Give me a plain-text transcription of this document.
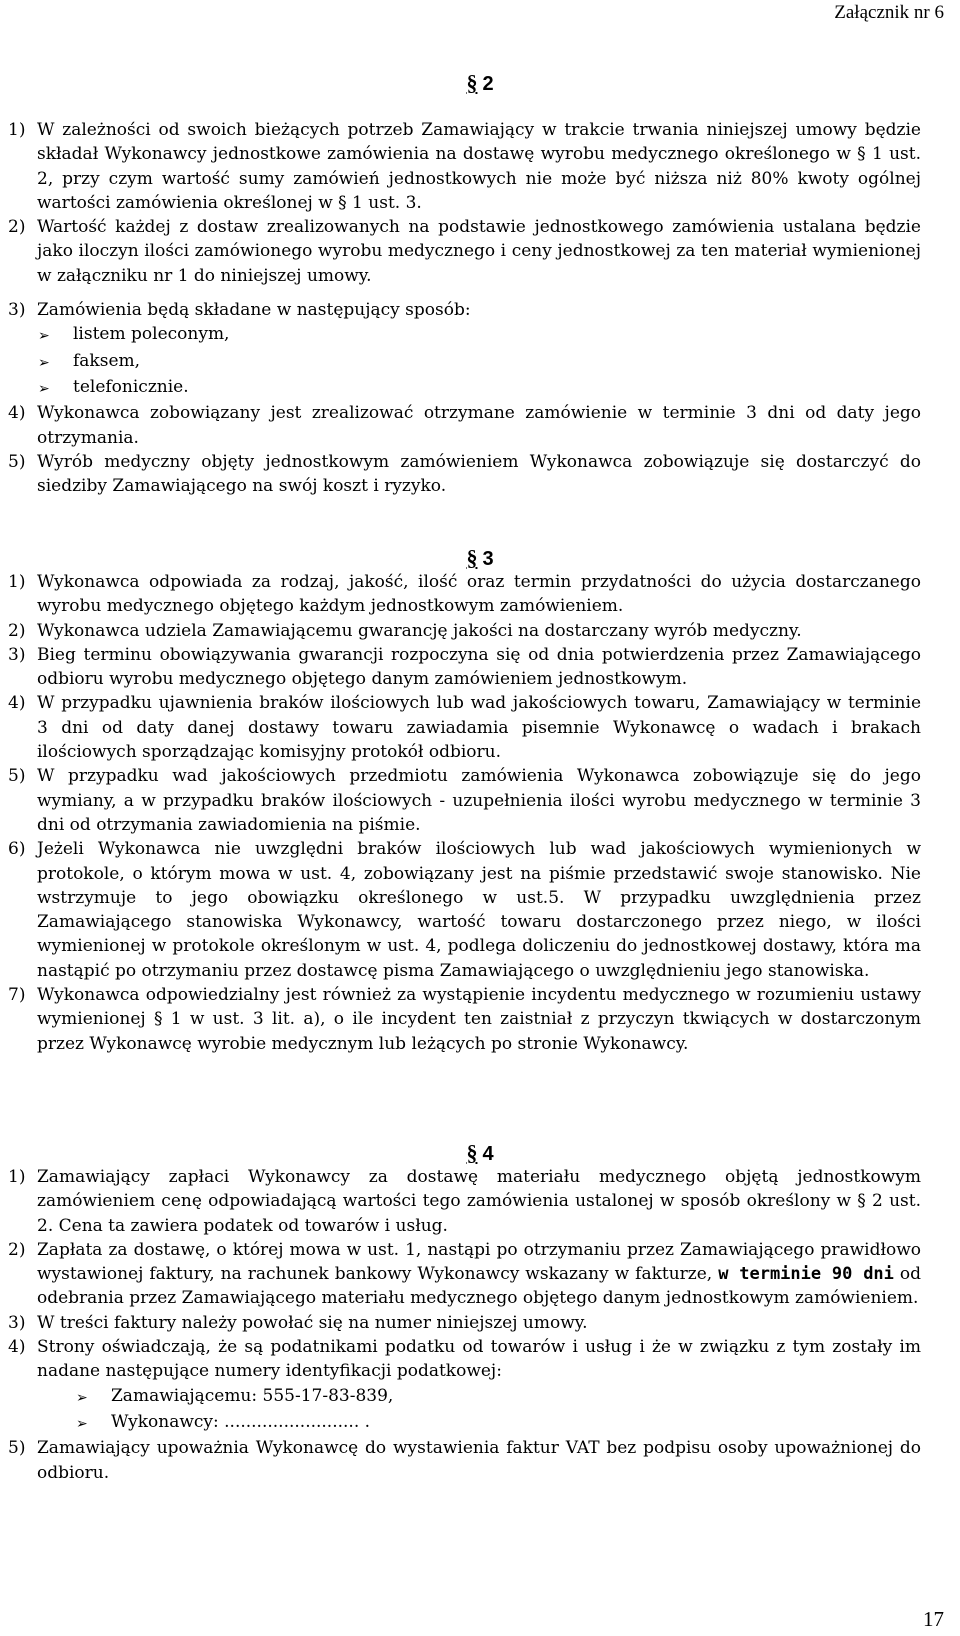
Załącznik nr 6
§ 2
1) W zależności od swoich bieżących potrzeb Zamawiający w trakcie trwania niniejszej umowy będzie składał Wykonawcy jednostkowe zamówienia na dostawę wyrobu medycznego określonego w § 1 ust. 2, przy czym wartość sumy zamówień jednostkowych nie może być niższa niż 80% kwoty ogólnej wartości zamówienia określonej w § 1 ust. 3.
2) Wartość każdej z dostaw zrealizowanych na podstawie jednostkowego zamówienia ustalana będzie jako iloczyn ilości zamówionego wyrobu medycznego i ceny jednostkowej za ten materiał wymienionej w załączniku nr 1 do niniejszej umowy.
3) Zamówienia będą składane w następujący sposób:
➢	listem poleconym,
➢	faksem,
➢	telefonicznie.
4) Wykonawca zobowiązany jest zrealizować otrzymane zamówienie w terminie 3 dni od daty jego otrzymania.
5) Wyrób medyczny objęty jednostkowym zamówieniem Wykonawca zobowiązuje się dostarczyć do siedziby Zamawiającego na swój koszt i ryzyko.
§ 3
1) Wykonawca odpowiada za rodzaj, jakość, ilość oraz termin przydatności do użycia dostarczanego wyrobu medycznego objętego każdym jednostkowym zamówieniem.
2) Wykonawca udziela Zamawiającemu gwarancję jakości na dostarczany wyrób medyczny.
3) Bieg terminu obowiązywania gwarancji rozpoczyna się od dnia potwierdzenia przez Zamawiającego odbioru wyrobu medycznego objętego danym zamówieniem jednostkowym.
4) W przypadku ujawnienia braków ilościowych lub wad jakościowych towaru, Zamawiający w terminie 3 dni od daty danej dostawy towaru zawiadamia pisemnie Wykonawcę o wadach i brakach ilościowych sporządzając komisyjny protokół odbioru.
5) W przypadku wad jakościowych przedmiotu zamówienia Wykonawca zobowiązuje się do jego wymiany, a w przypadku braków ilościowych - uzupełnienia ilości wyrobu medycznego w terminie 3 dni od otrzymania zawiadomienia na piśmie.
6) Jeżeli Wykonawca nie uwzględni braków ilościowych lub wad jakościowych wymienionych w protokole, o którym mowa w ust. 4, zobowiązany jest na piśmie przedstawić swoje stanowisko. Nie wstrzymuje to jego obowiązku określonego w ust.5. W przypadku uwzględnienia przez Zamawiającego stanowiska Wykonawcy, wartość towaru dostarczonego przez niego, w ilości wymienionej w protokole określonym w ust. 4, podlega doliczeniu do jednostkowej dostawy, która ma nastąpić po otrzymaniu przez dostawcę pisma Zamawiającego o uwzględnieniu jego stanowiska.
7) Wykonawca odpowiedzialny jest również za wystąpienie incydentu medycznego w rozumieniu ustawy wymienionej § 1 w ust. 3 lit. a), o ile incydent ten zaistniał z przyczyn tkwiących w dostarczonym przez Wykonawcę wyrobie medycznym lub leżących po stronie Wykonawcy.
§ 4
1) Zamawiający zapłaci Wykonawcy za dostawę materiału medycznego objętą jednostkowym zamówieniem cenę odpowiadającą wartości tego zamówienia ustalonej w sposób określony w § 2 ust. 2. Cena ta zawiera podatek od towarów i usług.
2) Zapłata za dostawę, o której mowa w ust. 1, nastąpi po otrzymaniu przez Zamawiającego prawidłowo wystawionej faktury, na rachunek bankowy Wykonawcy wskazany w fakturze, w terminie 90 dni od odebrania przez Zamawiającego materiału medycznego objętego danym jednostkowym zamówieniem.
3) W treści faktury należy powołać się na numer niniejszej umowy.
4) Strony oświadczają, że są podatnikami podatku od towarów i usług i że w związku z tym zostały im nadane następujące numery identyfikacji podatkowej:
➢	Zamawiającemu: 555-17-83-839,
➢	Wykonawcy: ......................... .
5) Zamawiający upoważnia Wykonawcę do wystawienia faktur VAT bez podpisu osoby upoważnionej do odbioru.
17
